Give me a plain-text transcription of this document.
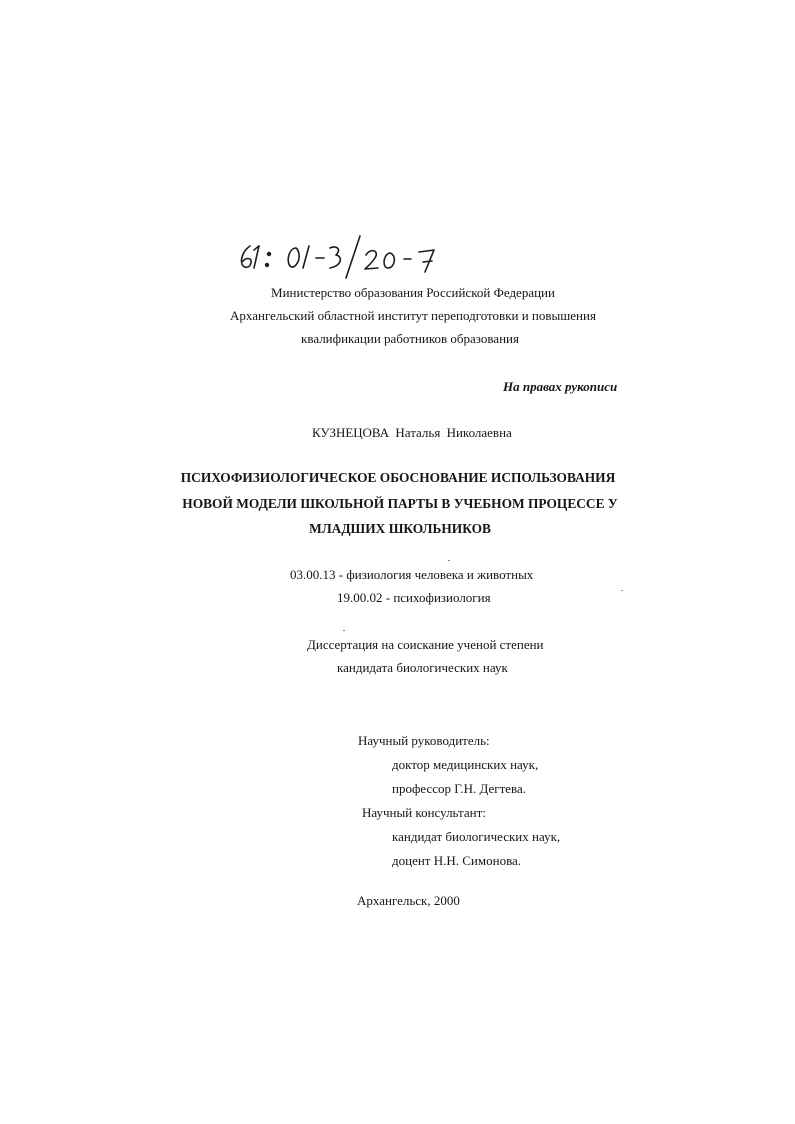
Министерство образования Российской Федерации
Архангельский областной институт переподготовки и повышения
квалификации работников образования
На правах рукописи
КУЗНЕЦОВА Наталья Николаевна
ПСИХОФИЗИОЛОГИЧЕСКОЕ ОБОСНОВАНИЕ ИСПОЛЬЗОВАНИЯ
НОВОЙ МОДЕЛИ ШКОЛЬНОЙ ПАРТЫ В УЧЕБНОМ ПРОЦЕССЕ У
МЛАДШИХ ШКОЛЬНИКОВ
03.00.13 - физиология человека и животных
19.00.02 - психофизиология
Диссертация на соискание ученой степени
кандидата биологических наук
Научный руководитель:
доктор медицинских наук,
профессор Г.Н. Дегтева.
Научный консультант:
кандидат биологических наук,
доцент Н.Н. Симонова.
Архангельск, 2000
